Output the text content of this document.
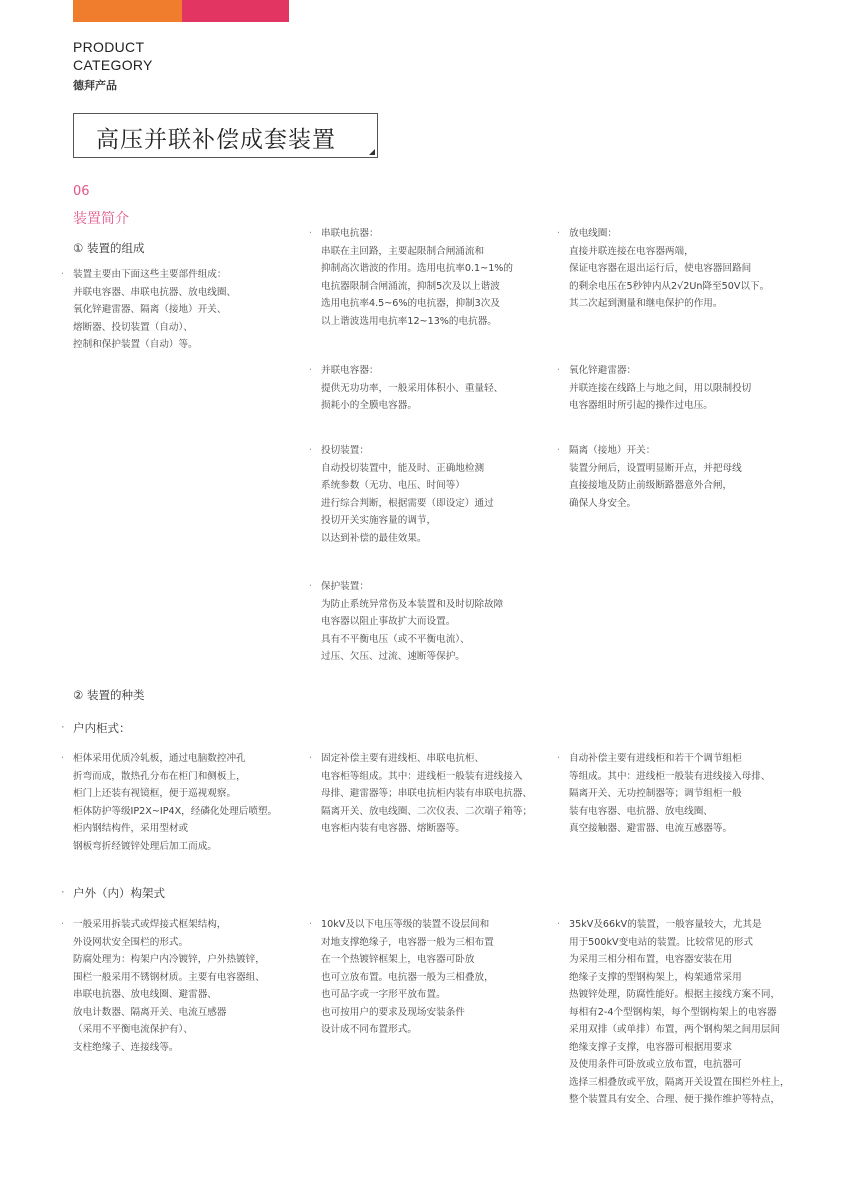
PRODUCT
CATEGORY
德拜产品
高压并联补偿成套装置
06
装置简介
① 装置的组成
· 装置主要由下面这些主要部件组成：
并联电容器、串联电抗器、放电线圈、
氧化锌避雷器、隔离（接地）开关、
熔断器、投切装置（自动）、
控制和保护装置（自动）等。
· 串联电抗器：
串联在主回路，主要起限制合闸涌流和
抑制高次谐波的作用。选用电抗率0.1~1%的
电抗器限制合闸涌流，抑制5次及以上谐波
选用电抗率4.5~6%的电抗器，抑制3次及
以上谐波选用电抗率12~13%的电抗器。
· 放电线圈：
直接并联连接在电容器两端，
保证电容器在退出运行后，使电容器回路间
的剩余电压在5秒钟内从2√2Un降至50V以下。
其二次起到测量和继电保护的作用。
· 并联电容器：
提供无功功率，一般采用体积小、重量轻、
损耗小的全膜电容器。
· 氧化锌避雷器：
并联连接在线路上与地之间，用以限制投切
电容器组时所引起的操作过电压。
· 投切装置：
自动投切装置中，能及时、正确地检测
系统参数（无功、电压、时间等）
进行综合判断，根据需要（即设定）通过
投切开关实施容量的调节，
以达到补偿的最佳效果。
· 隔离（接地）开关：
装置分闸后，设置明显断开点，并把母线
直接接地及防止前级断路器意外合闸，
确保人身安全。
· 保护装置：
为防止系统异常伤及本装置和及时切除故障
电容器以阻止事故扩大而设置。
具有不平衡电压（或不平衡电流）、
过压、欠压、过流、速断等保护。
② 装置的种类
· 户内柜式：
· 柜体采用优质冷轧板，通过电脑数控冲孔
折弯而成，散热孔分布在柜门和侧板上，
柜门上还装有视镜框，便于巡视观察。
柜体防护等级IP2X~IP4X，经磷化处理后喷塑。
柜内钢结构件，采用型材或
钢板弯折经镀锌处理后加工而成。
· 固定补偿主要有进线柜、串联电抗柜、
电容柜等组成。其中：进线柜一般装有进线接入
母排、避雷器等；串联电抗柜内装有串联电抗器、
隔离开关、放电线圈、二次仪表、二次端子箱等；
电容柜内装有电容器、熔断器等。
· 自动补偿主要有进线柜和若干个调节组柜
等组成。其中：进线柜一般装有进线接入母排、
隔离开关、无功控制器等；调节组柜一般
装有电容器、电抗器、放电线圈、
真空接触器、避雷器、电流互感器等。
· 户外（内）构架式
· 一般采用拆装式或焊接式框架结构，
外设网状安全围栏的形式。
防腐处理为：构架户内冷镀锌，户外热镀锌，
围栏一般采用不锈钢材质。主要有电容器组、
串联电抗器、放电线圈、避雷器、
放电计数器、隔离开关、电流互感器
（采用不平衡电流保护有）、
支柱绝缘子、连接线等。
· 10kV及以下电压等级的装置不设层间和
对地支撑绝缘子，电容器一般为三相布置
在一个热镀锌框架上，电容器可卧放
也可立放布置。电抗器一般为三相叠放，
也可品字或一字形平放布置。
也可按用户的要求及现场安装条件
设计成不同布置形式。
· 35kV及66kV的装置，一般容量较大，尤其是
用于500kV变电站的装置。比较常见的形式
为采用三相分相布置，电容器安装在用
绝缘子支撑的型钢构架上，构架通常采用
热镀锌处理，防腐性能好。根据主接线方案不同，
每相有2-4个型钢构架，每个型钢构架上的电容器
采用双排（或单排）布置，两个钢构架之间用层间
绝缘支撑子支撑，电容器可根据用要求
及使用条件可卧放或立放布置，电抗器可
选择三相叠放或平放，隔离开关设置在围栏外柱上，
整个装置具有安全、合理、便于操作维护等特点，
